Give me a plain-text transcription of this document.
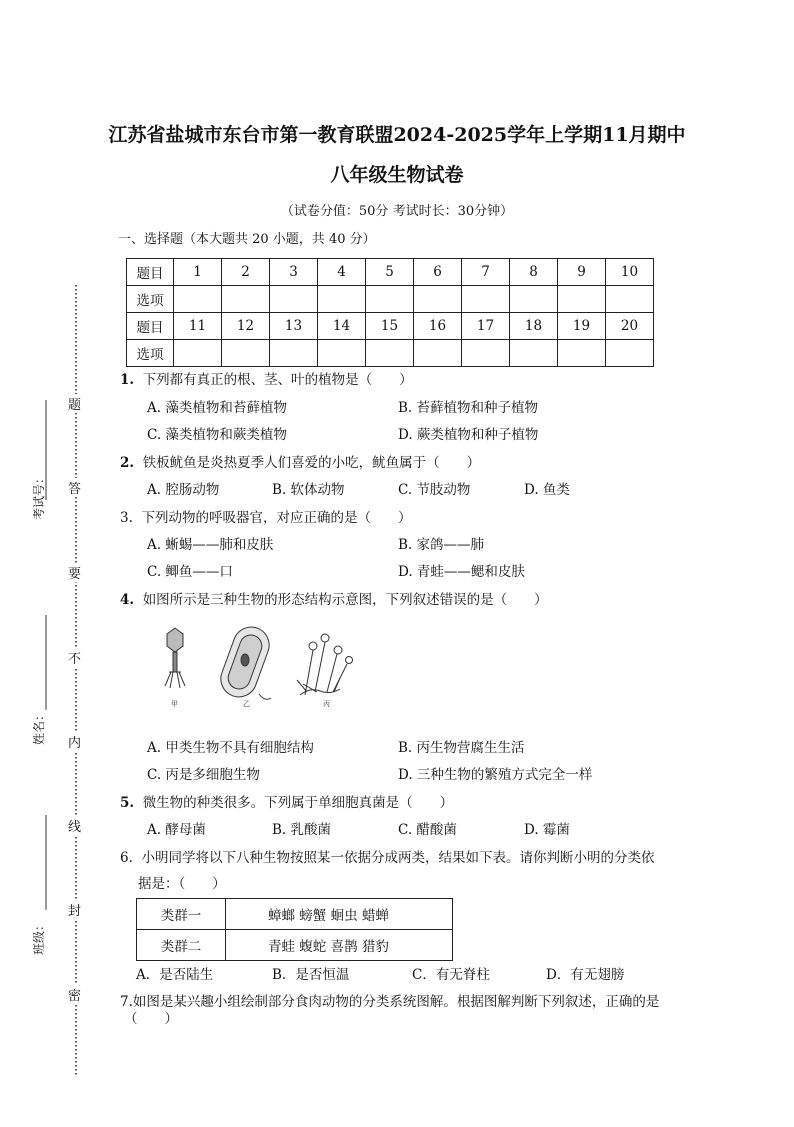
考试号：
姓名：
班级：
题
答
要
不
内
线
封
密
江苏省盐城市东台市第一教育联盟2024-2025学年上学期11月期中
八年级生物试卷
（试卷分值：50分 考试时长：30分钟）
一、选择题（本大题共 20 小题，共 40 分）
题目	1	2	3	4	5	6	7	8	9	10
选项										
题目	11	12	13	14	15	16	17	18	19	20
选项										
1. 下列都有真正的根、茎、叶的植物是（　　）
A. 藻类植物和苔藓植物	B. 苔藓植物和种子植物
C. 藻类植物和蕨类植物	D. 蕨类植物和种子植物
2. 铁板鱿鱼是炎热夏季人们喜爱的小吃，鱿鱼属于（　　）
A. 腔肠动物	B. 软体动物	C. 节肢动物	D. 鱼类
3. 下列动物的呼吸器官，对应正确的是（　　）
A. 蜥蜴——肺和皮肤	B. 家鸽——肺
C. 鲫鱼——口	D. 青蛙——鳃和皮肤
4. 如图所示是三种生物的形态结构示意图，下列叙述错误的是（　　）
甲	乙	丙
A. 甲类生物不具有细胞结构	B. 丙生物营腐生生活
C. 丙是多细胞生物	D. 三种生物的繁殖方式完全一样
5. 微生物的种类很多。下列属于单细胞真菌是（　　）
A. 酵母菌	B. 乳酸菌	C. 醋酸菌	D. 霉菌
6. 小明同学将以下八种生物按照某一依据分成两类，结果如下表。请你判断小明的分类依
据是：（　　）
类群一	蟑螂 螃蟹 蛔虫 蜡蝉
类群二	青蛙 蝮蛇 喜鹊 猎豹
A．是否陆生	B．是否恒温	C．有无脊柱	D．有无翅膀
7.如图是某兴趣小组绘制部分食肉动物的分类系统图解。根据图解判断下列叙述，正确的是
（　　）
